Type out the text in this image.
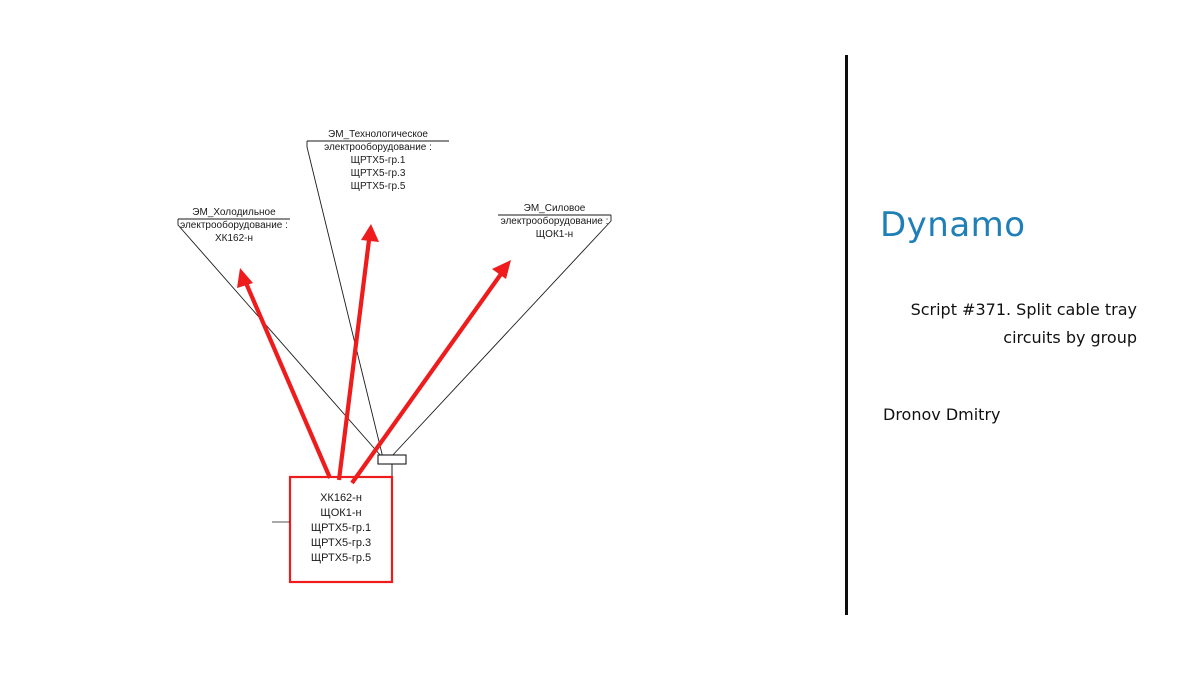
ЭМ_Холодильное
электрооборудование :
ХК162-н
ЭМ_Технологическое
электрооборудование :
ЩРТХ5-гр.1
ЩРТХ5-гр.3
ЩРТХ5-гр.5
ЭМ_Силовое
электрооборудование :
ЩОК1-н
ХК162-н
ЩОК1-н
ЩРТХ5-гр.1
ЩРТХ5-гр.3
ЩРТХ5-гр.5
Dynamo
Script #371. Split cable tray
circuits by group
Dronov Dmitry
